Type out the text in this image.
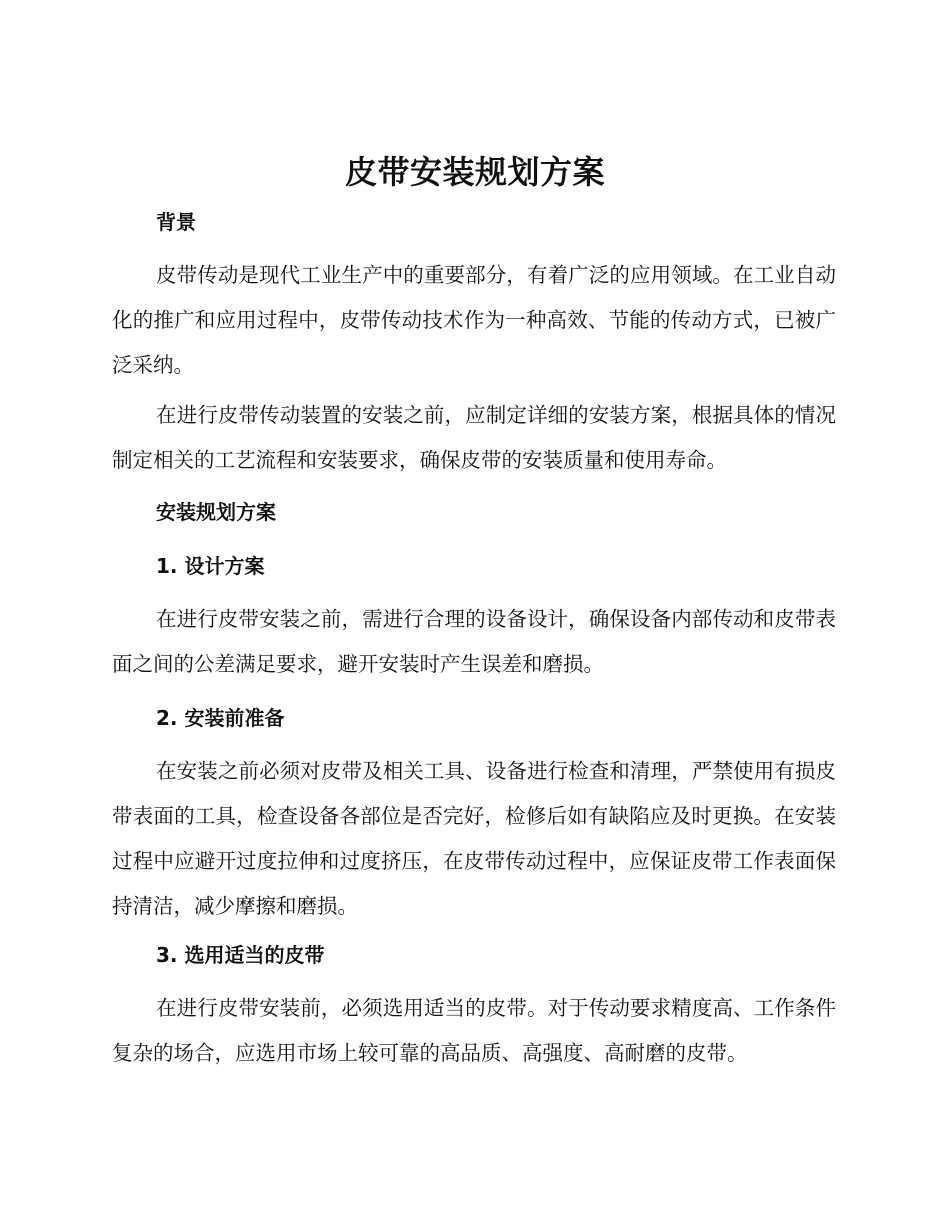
皮带安装规划方案
背景
皮带传动是现代工业生产中的重要部分，有着广泛的应用领域。在工业自动化的推广和应用过程中，皮带传动技术作为一种高效、节能的传动方式，已被广泛采纳。
在进行皮带传动装置的安装之前，应制定详细的安装方案，根据具体的情况制定相关的工艺流程和安装要求，确保皮带的安装质量和使用寿命。
安装规划方案
1. 设计方案
在进行皮带安装之前，需进行合理的设备设计，确保设备内部传动和皮带表面之间的公差满足要求，避开安装时产生误差和磨损。
2. 安装前准备
在安装之前必须对皮带及相关工具、设备进行检查和清理，严禁使用有损皮带表面的工具，检查设备各部位是否完好，检修后如有缺陷应及时更换。在安装过程中应避开过度拉伸和过度挤压，在皮带传动过程中，应保证皮带工作表面保持清洁，减少摩擦和磨损。
3. 选用适当的皮带
在进行皮带安装前，必须选用适当的皮带。对于传动要求精度高、工作条件复杂的场合，应选用市场上较可靠的高品质、高强度、高耐磨的皮带。
